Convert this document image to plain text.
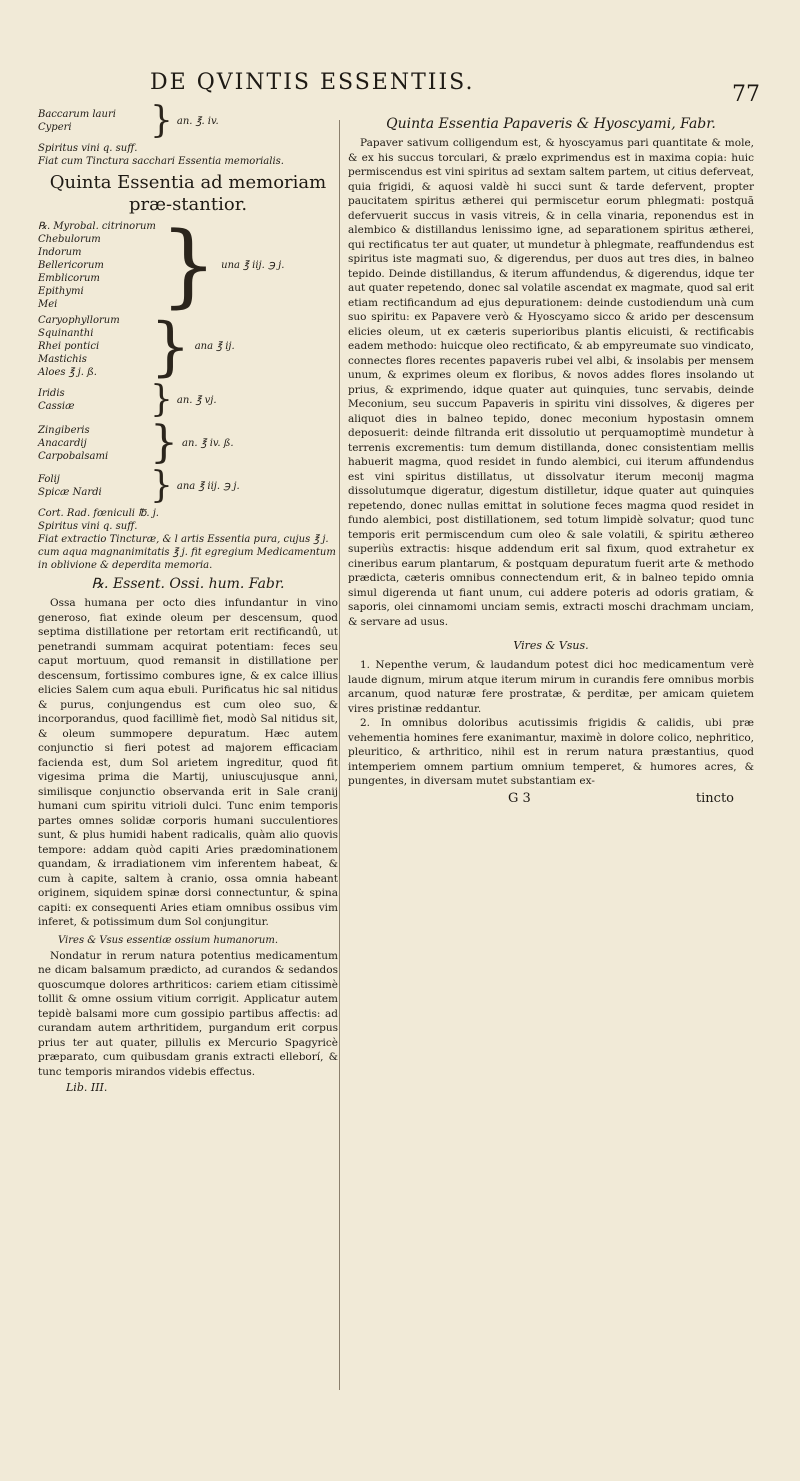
DE QVINTIS ESSENTIIS.	77
Baccarum lauri
Cyperi	} an. ℥. iv.

Spiritus vini q. suff.

Fiat cum Tinctura sacchari Essentia memorialis.

Quinta Essentia ad memoriam præ-stantior.
℞. Myrobal. citrinorum
Chebulorum
Indorum
Bellericorum
Emblicorum
Epithymi
Mei	} una ℥ iij. ℈ j.
Caryophyllorum
Squinanthi
Rhei pontici
Mastichis
Aloes ℥ j. ß. } ana ℥ ij.
Iridis
Cassiæ	} an. ℥ vj.
Zingiberis
Anacardij
Carpobalsami } an. ℥ iv. ß.
Folij
Spicæ Nardi	} ana ℥ iij. ℈ j.

Cort. Rad. fœniculi ℔. j.

Spiritus vini q. suff.

Fiat extractio Tincturæ, & l artis Essentia pura, cujus ℥ j. cum aqua magnanimitatis ℥ j. fit egregium Medicamentum in oblivione & deperdita memoria.

℞. Essent. Ossi. hum. Fabr.

Ossa humana per octo dies infundantur in vino generoso, fiat exinde oleum per descensum, quod septima distillatione per retortam erit rectificandû, ut penetrandi summam acquirat potentiam: feces seu caput mortuum, quod remansit in distillatione per descensum, fortissimo combures igne, & ex calce illius elicies Salem cum aqua ebuli. Purificatus hic sal nitidus & purus, conjungendus est cum oleo suo, & incorporandus, quod facillimè fiet, modò Sal nitidus sit, & oleum summopere depuratum. Hæc autem conjunctio si fieri potest ad majorem efficaciam facienda est, dum Sol arietem ingreditur, quod fit vigesima prima die Martij, uniuscujusque anni, similisque conjunctio observanda erit in Sale cranij humani cum spiritu vitrioli dulci. Tunc enim temporis partes omnes solidæ corporis humani succulentiores sunt, & plus humidi habent radicalis, quàm alio quovis tempore: addam quòd capiti Aries prædominationem quandam, & irradiationem vim inferentem habeat, & cum à capite, saltem à cranio, ossa omnia habeant originem, siquidem spinæ dorsi connectuntur, & spina capiti: ex consequenti Aries etiam omnibus ossibus vim inferet, & potissimum dum Sol conjungitur.

Vires & Vsus essentiæ ossium humanorum.

Nondatur in rerum natura potentius medicamentum ne dicam balsamum prædicto, ad curandos & sedandos quoscumque dolores arthriticos: cariem etiam citissimè tollit & omne ossium vitium corrigit. Applicatur autem tepidè balsami more cum gossipio partibus affectis: ad curandam autem arthritidem, purgandum erit corpus prius ter aut quater, pillulis ex Mercurio Spagyricè præparato, cum quibusdam granis extracti elleborí, & tunc temporis mirandos videbis effectus.

Lib. III.
Quinta Essentia Papaveris & Hyoscyami, Fabr.

Papaver sativum colligendum est, & hyoscyamus pari quantitate & mole, & ex his succus torculari, & prælo exprimendus est in maxima copia: huic permiscendus est vini spiritus ad sextam saltem partem, ut citius deferveat, quia frigidi, & aquosi valdè hi succi sunt & tarde defervent, propter paucitatem spiritus ætherei qui permiscetur eorum phlegmati: postquã defervuerit succus in vasis vitreis, & in cella vinaria, reponendus est in alembico & distillandus lenissimo igne, ad separationem spiritus ætherei, qui rectificatus ter aut quater, ut mundetur à phlegmate, reaffundendus est spiritus iste magmati suo, & digerendus, per duos aut tres dies, in balneo tepido. Deinde distillandus, & iterum affundendus, & digerendus, idque ter aut quater repetendo, donec sal volatile ascendat ex magmate, quod sal erit etiam rectificandum ad ejus depurationem: deinde custodiendum unà cum suo spiritu: ex Papavere verò & Hyoscyamo sicco & arido per descensum elicies oleum, ut ex cæteris superioribus plantis elicuisti, & rectificabis eadem methodo: huicque oleo rectificato, & ab empyreumate suo vindicato, connectes flores recentes papaveris rubei vel albi, & insolabis per mensem unum, & exprimes oleum ex floribus, & novos addes flores insolando ut prius, & exprimendo, idque quater aut quinquies, tunc servabis, deinde Meconium, seu succum Papaveris in spiritu vini dissolves, & digeres per aliquot dies in balneo tepido, donec meconium hypostasin omnem deposuerit: deinde filtranda erit dissolutio ut perquamoptimè mundetur à terrenis excrementis: tum demum distillanda, donec consistentiam mellis habuerit magma, quod residet in fundo alembici, cui iterum affundendus est vini spiritus distillatus, ut dissolvatur iterum meconij magma dissolutumque digeratur, digestum distilletur, idque quater aut quinquies repetendo, donec nullas emittat in solutione feces magma quod residet in fundo alembici, post distillationem, sed totum limpidè solvatur; quod tunc temporis erit permiscendum cum oleo & sale volatili, & spiritu æthereo superiùs extractis: hisque addendum erit sal fixum, quod extrahetur ex cineribus earum plantarum, & postquam depuratum fuerit arte & methodo prædicta, cæteris omnibus connectendum erit, & in balneo tepido omnia simul digerenda ut fiant unum, cui addere poteris ad odoris gratiam, & saporis, olei cinnamomi unciam semis, extracti moschi drachmam unciam, & servare ad usus.

Vires & Vsus.

1. Nepenthe verum, & laudandum potest dici hoc medicamentum verè laude dignum, mirum atque iterum mirum in curandis fere omnibus morbis arcanum, quod naturæ fere prostratæ, & perditæ, per amicam quietem vires pristinæ reddantur.

2. In omnibus doloribus acutissimis frigidis & calidis, ubi præ vehementia homines fere exanimantur, maximè in dolore colico, nephritico, pleuritico, & arthritico, nihil est in rerum natura præstantius, quod intemperiem omnem partium omnium temperet, & humores acres, & pungentes, in diversam mutet substantiam ex-

G 3	tincto
